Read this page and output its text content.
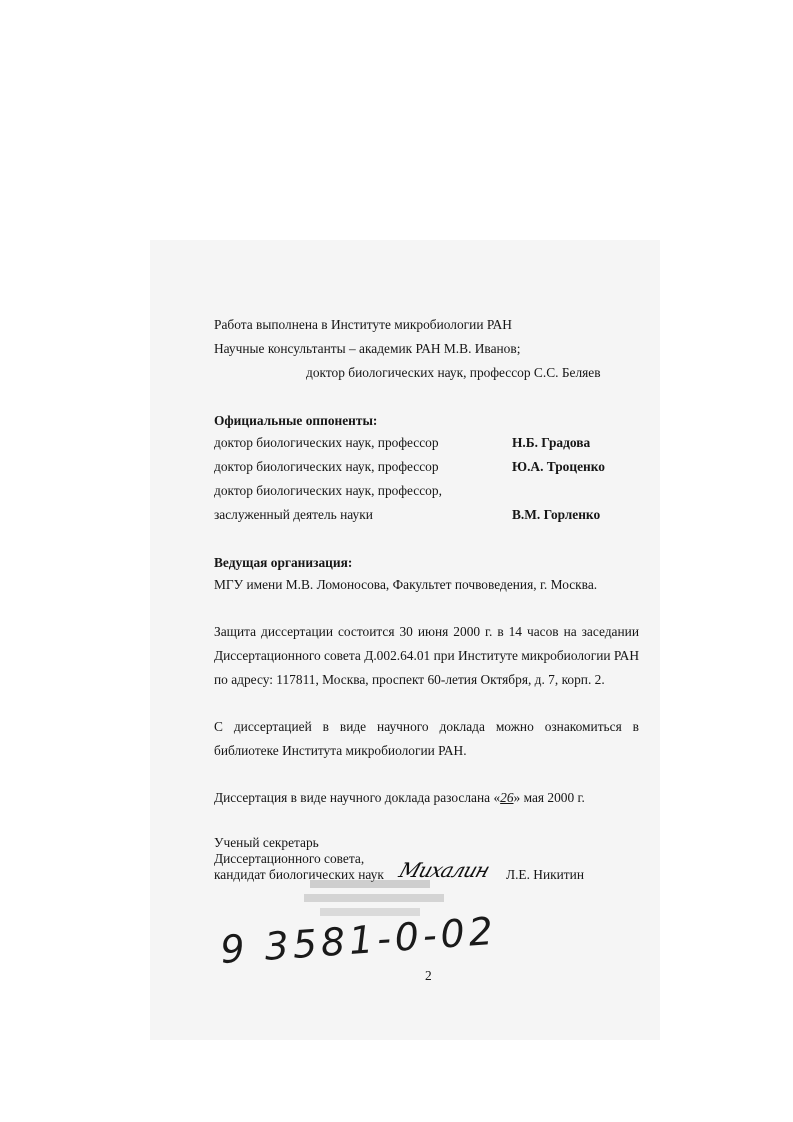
Работа выполнена в Институте микробиологии РАН
Научные консультанты – академик РАН М.В. Иванов;
доктор биологических наук, профессор С.С. Беляев
Официальные оппоненты:
доктор биологических наук, профессор	Н.Б. Градова
доктор биологических наук, профессор	Ю.А. Троценко
доктор биологических наук, профессор,
заслуженный деятель науки	В.М. Горленко
Ведущая организация:
МГУ имени М.В. Ломоносова, Факультет почвоведения, г. Москва.
Защита диссертации состоится 30 июня 2000 г. в 14 часов на заседании
Диссертационного совета Д.002.64.01 при Институте микробиологии РАН
по адресу: 117811, Москва, проспект 60-летия Октября, д. 7, корп. 2.
С диссертацией в виде научного доклада можно ознакомиться в
библиотеке Института микробиологии РАН.
Диссертация в виде научного доклада разослана «26» мая 2000 г.
Ученый секретарь
Диссертационного совета,
кандидат биологических наук Михалин Л.Е. Никитин
9 3581-0-02
2
